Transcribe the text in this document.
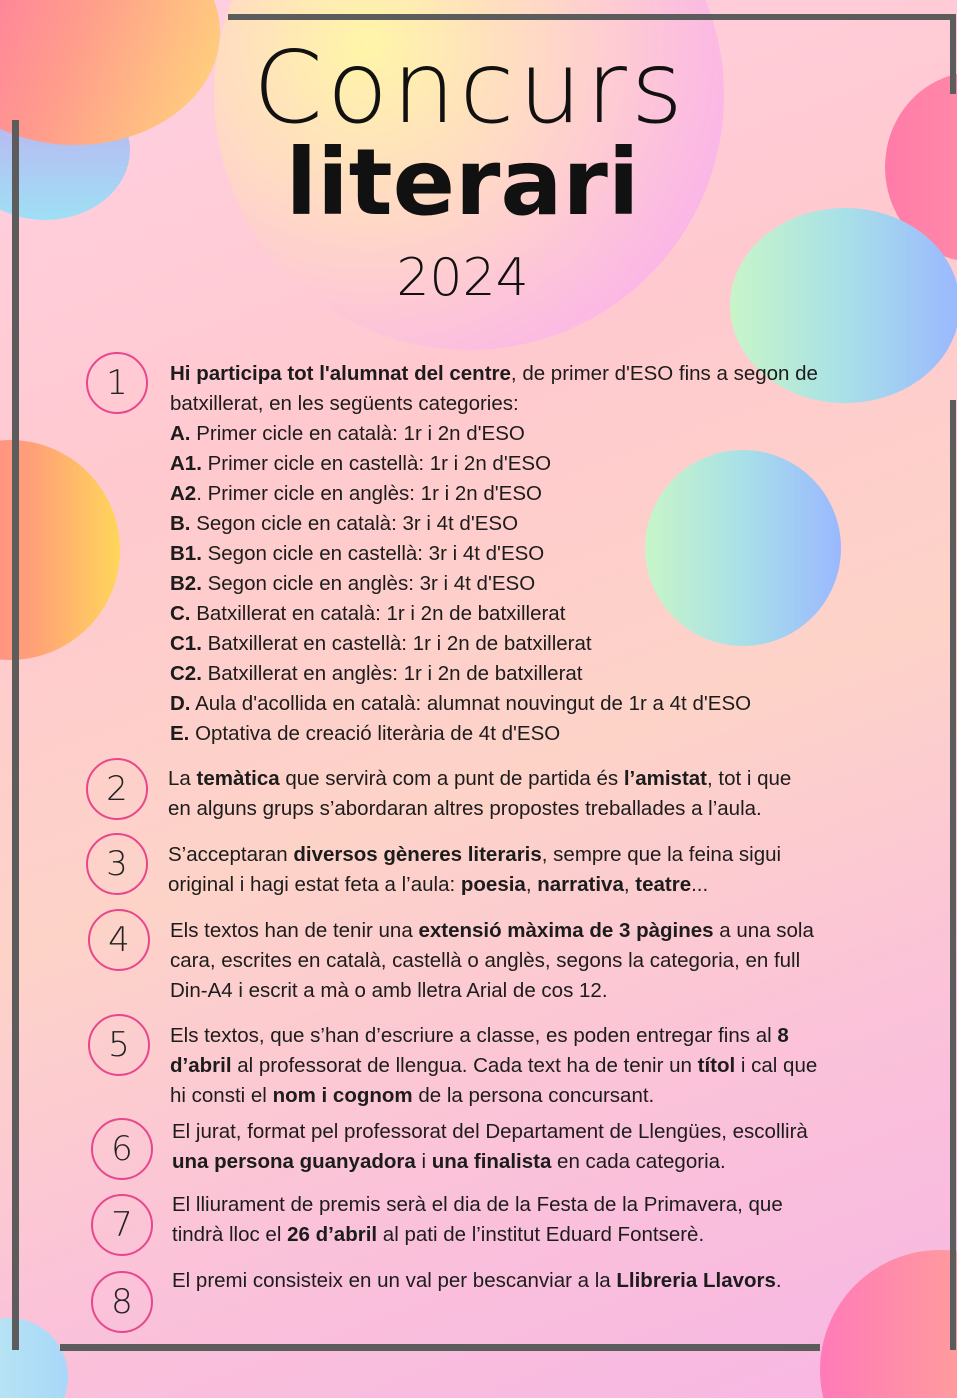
Concurs
literari
2024
1	Hi participa tot l'alumnat del centre, de primer d'ESO fins a segon de
batxillerat, en les següents categories:
A. Primer cicle en català: 1r i 2n d'ESO
A1. Primer cicle en castellà: 1r i 2n d'ESO
A2. Primer cicle en anglès: 1r i 2n d'ESO
B. Segon cicle en català: 3r i 4t d'ESO
B1. Segon cicle en castellà: 3r i 4t d'ESO
B2. Segon cicle en anglès: 3r i 4t d'ESO
C. Batxillerat en català: 1r i 2n de batxillerat
C1. Batxillerat en castellà: 1r i 2n de batxillerat
C2. Batxillerat en anglès: 1r i 2n de batxillerat
D. Aula d'acollida en català: alumnat nouvingut de 1r a 4t d'ESO
E. Optativa de creació literària de 4t d'ESO
2	La temàtica que servirà com a punt de partida és l’amistat, tot i que
en alguns grups s’abordaran altres propostes treballades a l’aula.
3	S’acceptaran diversos gèneres literaris, sempre que la feina sigui
original i hagi estat feta a l’aula: poesia, narrativa, teatre...
4	Els textos han de tenir una extensió màxima de 3 pàgines a una sola
cara, escrites en català, castellà o anglès, segons la categoria, en full
Din-A4 i escrit a mà o amb lletra Arial de cos 12.
5	Els textos, que s’han d’escriure a classe, es poden entregar fins al 8
d’abril al professorat de llengua. Cada text ha de tenir un títol i cal que
hi consti el nom i cognom de la persona concursant.
6	El jurat, format pel professorat del Departament de Llengües, escollirà
una persona guanyadora i una finalista en cada categoria.
7
El lliurament de premis serà el dia de la Festa de la Primavera, que
tindrà lloc el 26 d’abril al pati de l’institut Eduard Fontserè.
8
El premi consisteix en un val per bescanviar a la Llibreria Llavors.
